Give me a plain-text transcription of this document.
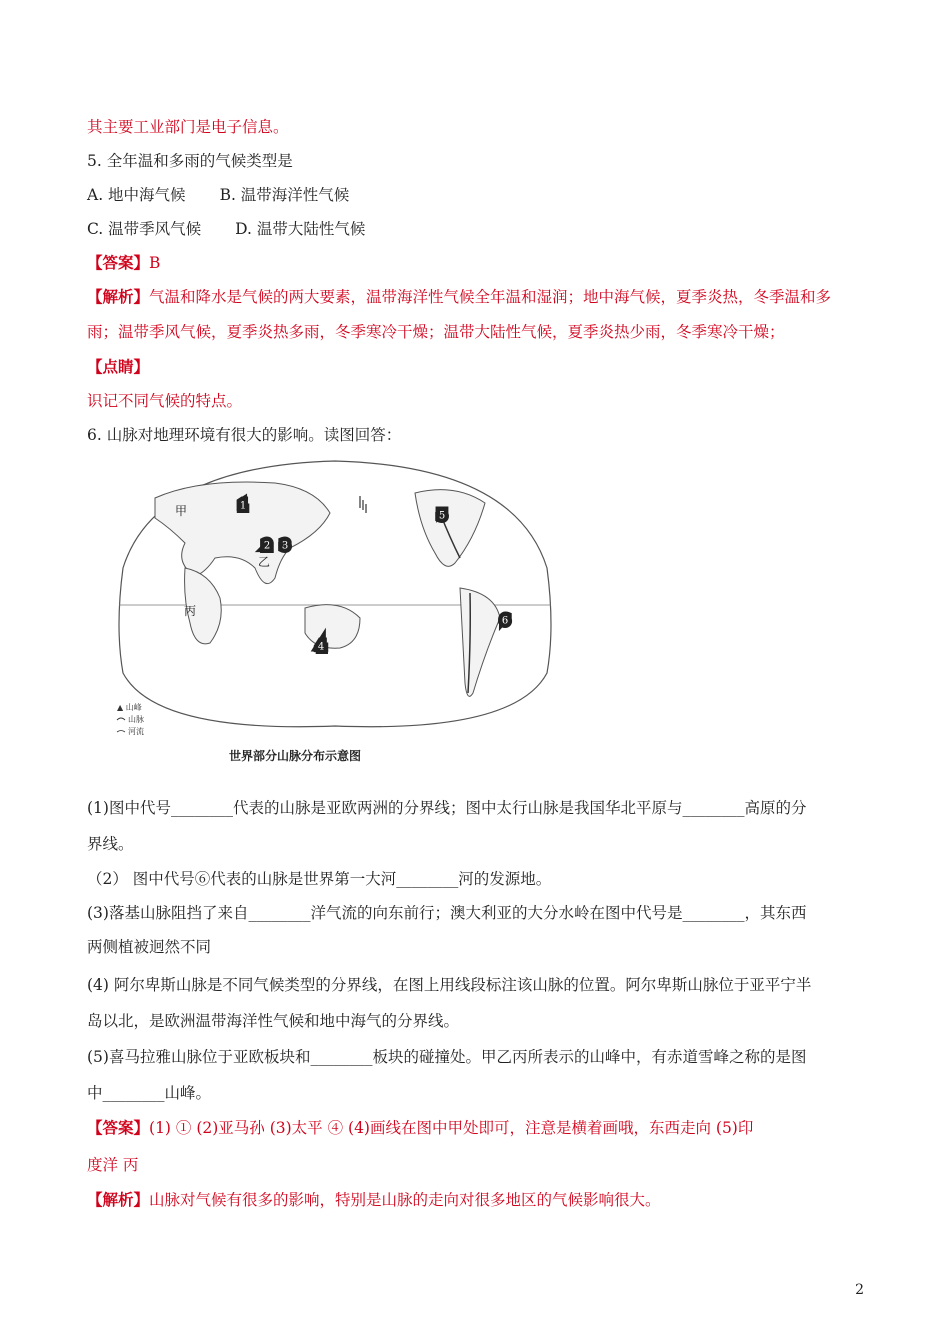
其主要工业部门是电子信息。
5. 全年温和多雨的气候类型是
A. 地中海气候 B. 温带海洋性气候
C. 温带季风气候 D. 温带大陆性气候
【答案】B
【解析】气温和降水是气候的两大要素，温带海洋性气候全年温和湿润；地中海气候，夏季炎热，冬季温和多
雨；温带季风气候，夏季炎热多雨，冬季寒冷干燥；温带大陆性气候，夏季炎热少雨，冬季寒冷干燥；
【点睛】
识记不同气候的特点。
6. 山脉对地理环境有很大的影响。读图回答：
1
2 3
4
5
6
甲
乙
丙
▲ 山峰
山脉
河流
世界部分山脉分布示意图
(1)图中代号________代表的山脉是亚欧两洲的分界线；图中太行山脉是我国华北平原与________高原的分
界线。
（2） 图中代号⑥代表的山脉是世界第一大河________河的发源地。
(3)落基山脉阻挡了来自________洋气流的向东前行；澳大利亚的大分水岭在图中代号是________，其东西
两侧植被迥然不同
(4) 阿尔卑斯山脉是不同气候类型的分界线，在图上用线段标注该山脉的位置。阿尔卑斯山脉位于亚平宁半
岛以北，是欧洲温带海洋性气候和地中海气的分界线。
(5)喜马拉雅山脉位于亚欧板块和________板块的碰撞处。甲乙丙所表示的山峰中，有赤道雪峰之称的是图
中________山峰。
【答案】(1) ① (2)亚马孙 (3)太平 ④ (4)画线在图中甲处即可，注意是横着画哦，东西走向 (5)印
度洋 丙
【解析】山脉对气候有很多的影响，特别是山脉的走向对很多地区的气候影响很大。
2
